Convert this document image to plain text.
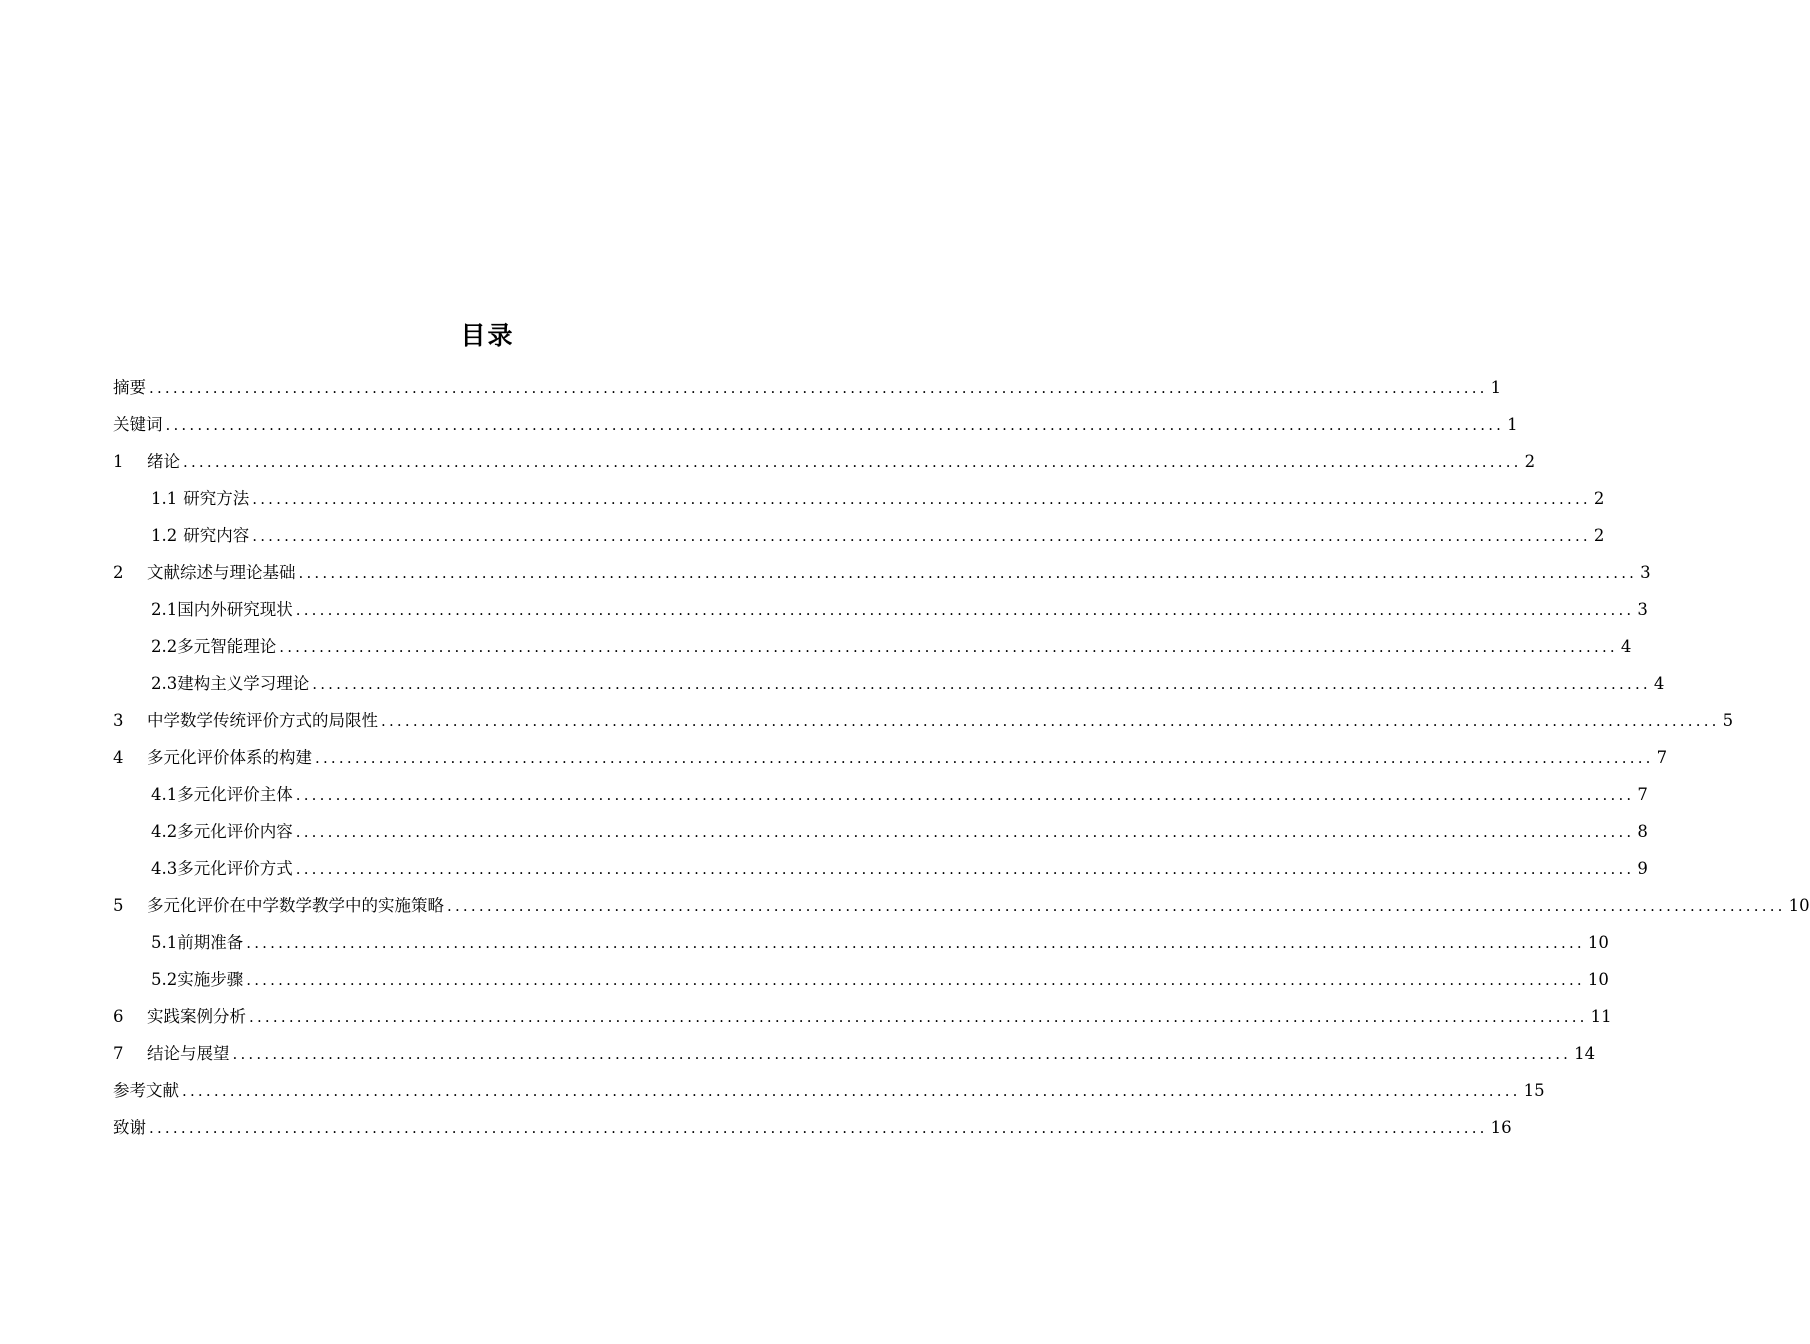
目录
摘要 ........................................................................................................................................................................ 1
关键词 ........................................................................................................................................................................ 1
1	绪论 ........................................................................................................................................................................ 2
1.1 研究方法 ........................................................................................................................................................................ 2
1.2 研究内容 ........................................................................................................................................................................ 2
2	文献综述与理论基础 ........................................................................................................................................................................ 3
2.1 国内外研究现状 ........................................................................................................................................................................ 3
2.2 多元智能理论 ........................................................................................................................................................................ 4
2.3 建构主义学习理论 ........................................................................................................................................................................ 4
3	中学数学传统评价方式的局限性 ........................................................................................................................................................................ 5
4	多元化评价体系的构建 ........................................................................................................................................................................ 7
4.1 多元化评价主体 ........................................................................................................................................................................ 7
4.2 多元化评价内容 ........................................................................................................................................................................ 8
4.3 多元化评价方式 ........................................................................................................................................................................ 9
5	多元化评价在中学数学教学中的实施策略 ........................................................................................................................................................................ 10
5.1 前期准备 ........................................................................................................................................................................ 10
5.2 实施步骤 ........................................................................................................................................................................ 10
6	实践案例分析 ........................................................................................................................................................................ 11
7	结论与展望 ........................................................................................................................................................................ 14
参考文献 ........................................................................................................................................................................ 15
致谢 ........................................................................................................................................................................ 16
